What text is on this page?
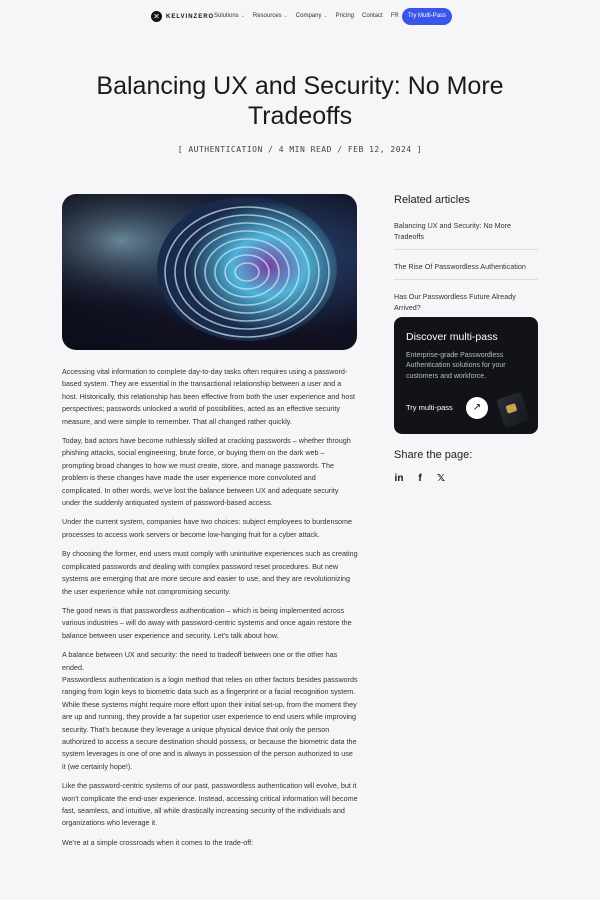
✕	KELVINZERO Solutions ⌄ Resources ⌄ Company ⌄ Pricing Contact FR	Try Multi-Pass
Balancing UX and Security: No More Tradeoffs
[ AUTHENTICATION / 4 MIN READ / FEB 12, 2024 ]

Accessing vital information to complete day-to-day tasks often requires using a password-based system. They are essential in the transactional relationship between a user and a host. Historically, this relationship has been effective from both the user experience and host perspectives; passwords unlocked a world of possibilities, acted as an effective security measure, and were simple to remember. That all changed rather quickly.

Today, bad actors have become ruthlessly skilled at cracking passwords – whether through phishing attacks, social engineering, brute force, or buying them on the dark web – prompting broad changes to how we must create, store, and manage passwords. The problem is these changes have made the user experience more convoluted and complicated. In other words, we’ve lost the balance between UX and adequate security under the suddenly antiquated system of password-based access.

Under the current system, companies have two choices: subject employees to burdensome processes to access work servers or become low-hanging fruit for a cyber attack.

By choosing the former, end users must comply with unintuitive experiences such as creating complicated passwords and dealing with complex password reset procedures. But new systems are emerging that are more secure and easier to use, and they are revolutionizing the user experience while not compromising security.

The good news is that passwordless authentication – which is being implemented across various industries – will do away with password-centric systems and once again restore the balance between user experience and security. Let’s talk about how.

A balance between UX and security: the need to tradeoff between one or the other has ended.
Passwordless authentication is a login method that relies on other factors besides passwords ranging from login keys to biometric data such as a fingerprint or a facial recognition system. While these systems might require more effort upon their initial set-up, from the moment they are up and running, they provide a far superior user experience to end users while improving security. That’s because they leverage a unique physical device that only the person authorized to access a secure destination should possess, or because the biometric data the system leverages is one of one and is always in possession of the person authorized to use it (we certainly hope!).

Like the password-centric systems of our past, passwordless authentication will evolve, but it won’t complicate the end-user experience. Instead, accessing critical information will become fast, seamless, and intuitive, all while drastically increasing security of the individuals and organizations who leverage it.

We’re at a simple crossroads when it comes to the trade-off:

Related articles
Balancing UX and Security: No More Tradeoffs
The Rise Of Passwordless Authentication
Has Our Passwordless Future Already Arrived?
Discover multi-pass
Enterprise-grade Passwordless Authentication solutions for your customers and workforce.
Try multi-pass	↗
Share the page:
in	f	𝕏
